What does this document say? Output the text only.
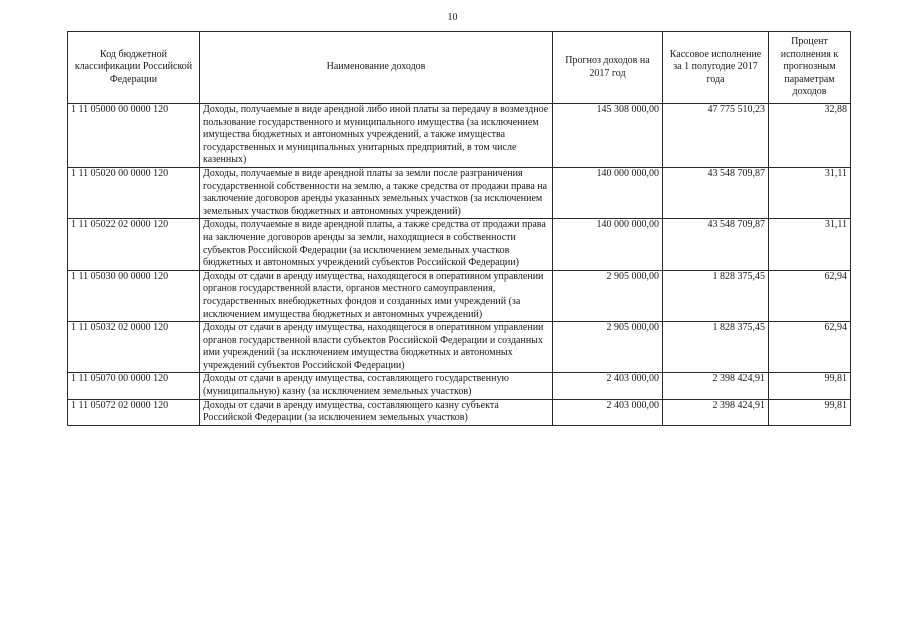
10
Код бюджетной классификации Российской Федерации	Наименование доходов	Прогноз доходов на 2017 год	Кассовое исполнение за 1 полугодие 2017 года	Процент исполнения к прогнозным параметрам доходов
1 11 05000 00 0000 120	Доходы, получаемые в виде арендной либо иной платы за передачу в возмездное пользование государственного и муниципального имущества (за исключением имущества бюджетных и автономных учреждений, а также имущества государственных и муниципальных унитарных предприятий, в том числе казенных)	145 308 000,00	47 775 510,23	32,88
1 11 05020 00 0000 120	Доходы, получаемые в виде арендной платы за земли после разграничения государственной собственности на землю, а также средства от продажи права на заключение договоров аренды указанных земельных участков (за исключением земельных участков бюджетных и автономных учреждений)	140 000 000,00	43 548 709,87	31,11
1 11 05022 02 0000 120	Доходы, получаемые в виде арендной платы, а также средства от продажи права на заключение договоров аренды за земли, находящиеся в собственности субъектов Российской Федерации (за исключением земельных участков бюджетных и автономных учреждений субъектов Российской Федерации)	140 000 000,00	43 548 709,87	31,11
1 11 05030 00 0000 120	Доходы от сдачи в аренду имущества, находящегося в оперативном управлении органов государственной власти, органов местного самоуправления, государственных внебюджетных фондов и созданных ими учреждений (за исключением имущества бюджетных и автономных учреждений)	2 905 000,00	1 828 375,45	62,94
1 11 05032 02 0000 120	Доходы от сдачи в аренду имущества, находящегося в оперативном управлении органов государственной власти субъектов Российской Федерации и созданных ими учреждений (за исключением имущества бюджетных и автономных учреждений субъектов Российской Федерации)	2 905 000,00	1 828 375,45	62,94
1 11 05070 00 0000 120	Доходы от сдачи в аренду имущества, составляющего государственную (муниципальную) казну (за исключением земельных участков)	2 403 000,00	2 398 424,91	99,81
1 11 05072 02 0000 120	Доходы от сдачи в аренду имущества, составляющего казну субъекта Российской Федерации (за исключением земельных участков)	2 403 000,00	2 398 424,91	99,81
